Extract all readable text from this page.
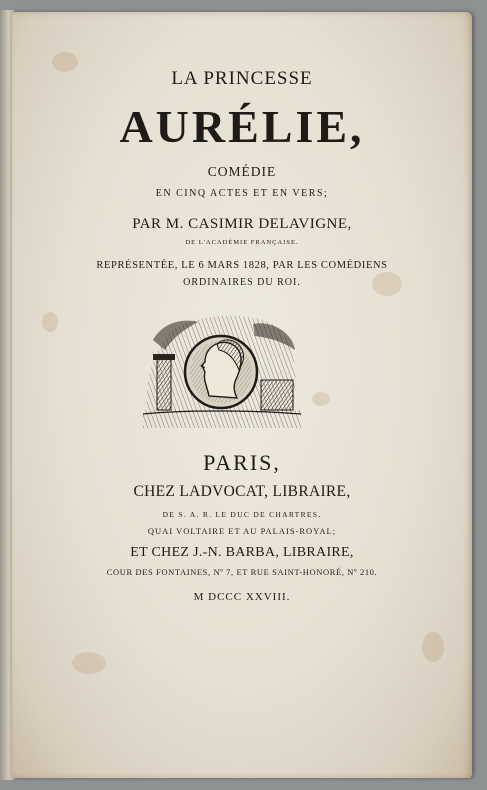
LA PRINCESSE
AURÉLIE,
COMÉDIE
EN CINQ ACTES ET EN VERS;
PAR M. CASIMIR DELAVIGNE,
DE L'ACADÉMIE FRANÇAISE.
REPRÉSENTÉE, LE 6 MARS 1828, PAR LES COMÉDIENS
ORDINAIRES DU ROI.
PARIS,
CHEZ LADVOCAT, LIBRAIRE,
DE S. A. R. LE DUC DE CHARTRES,
QUAI VOLTAIRE ET AU PALAIS-ROYAL;
ET CHEZ J.-N. BARBA, LIBRAIRE,
COUR DES FONTAINES, Nº 7, ET RUE SAINT-HONORÉ, Nº 210.
M DCCC XXVIII.
